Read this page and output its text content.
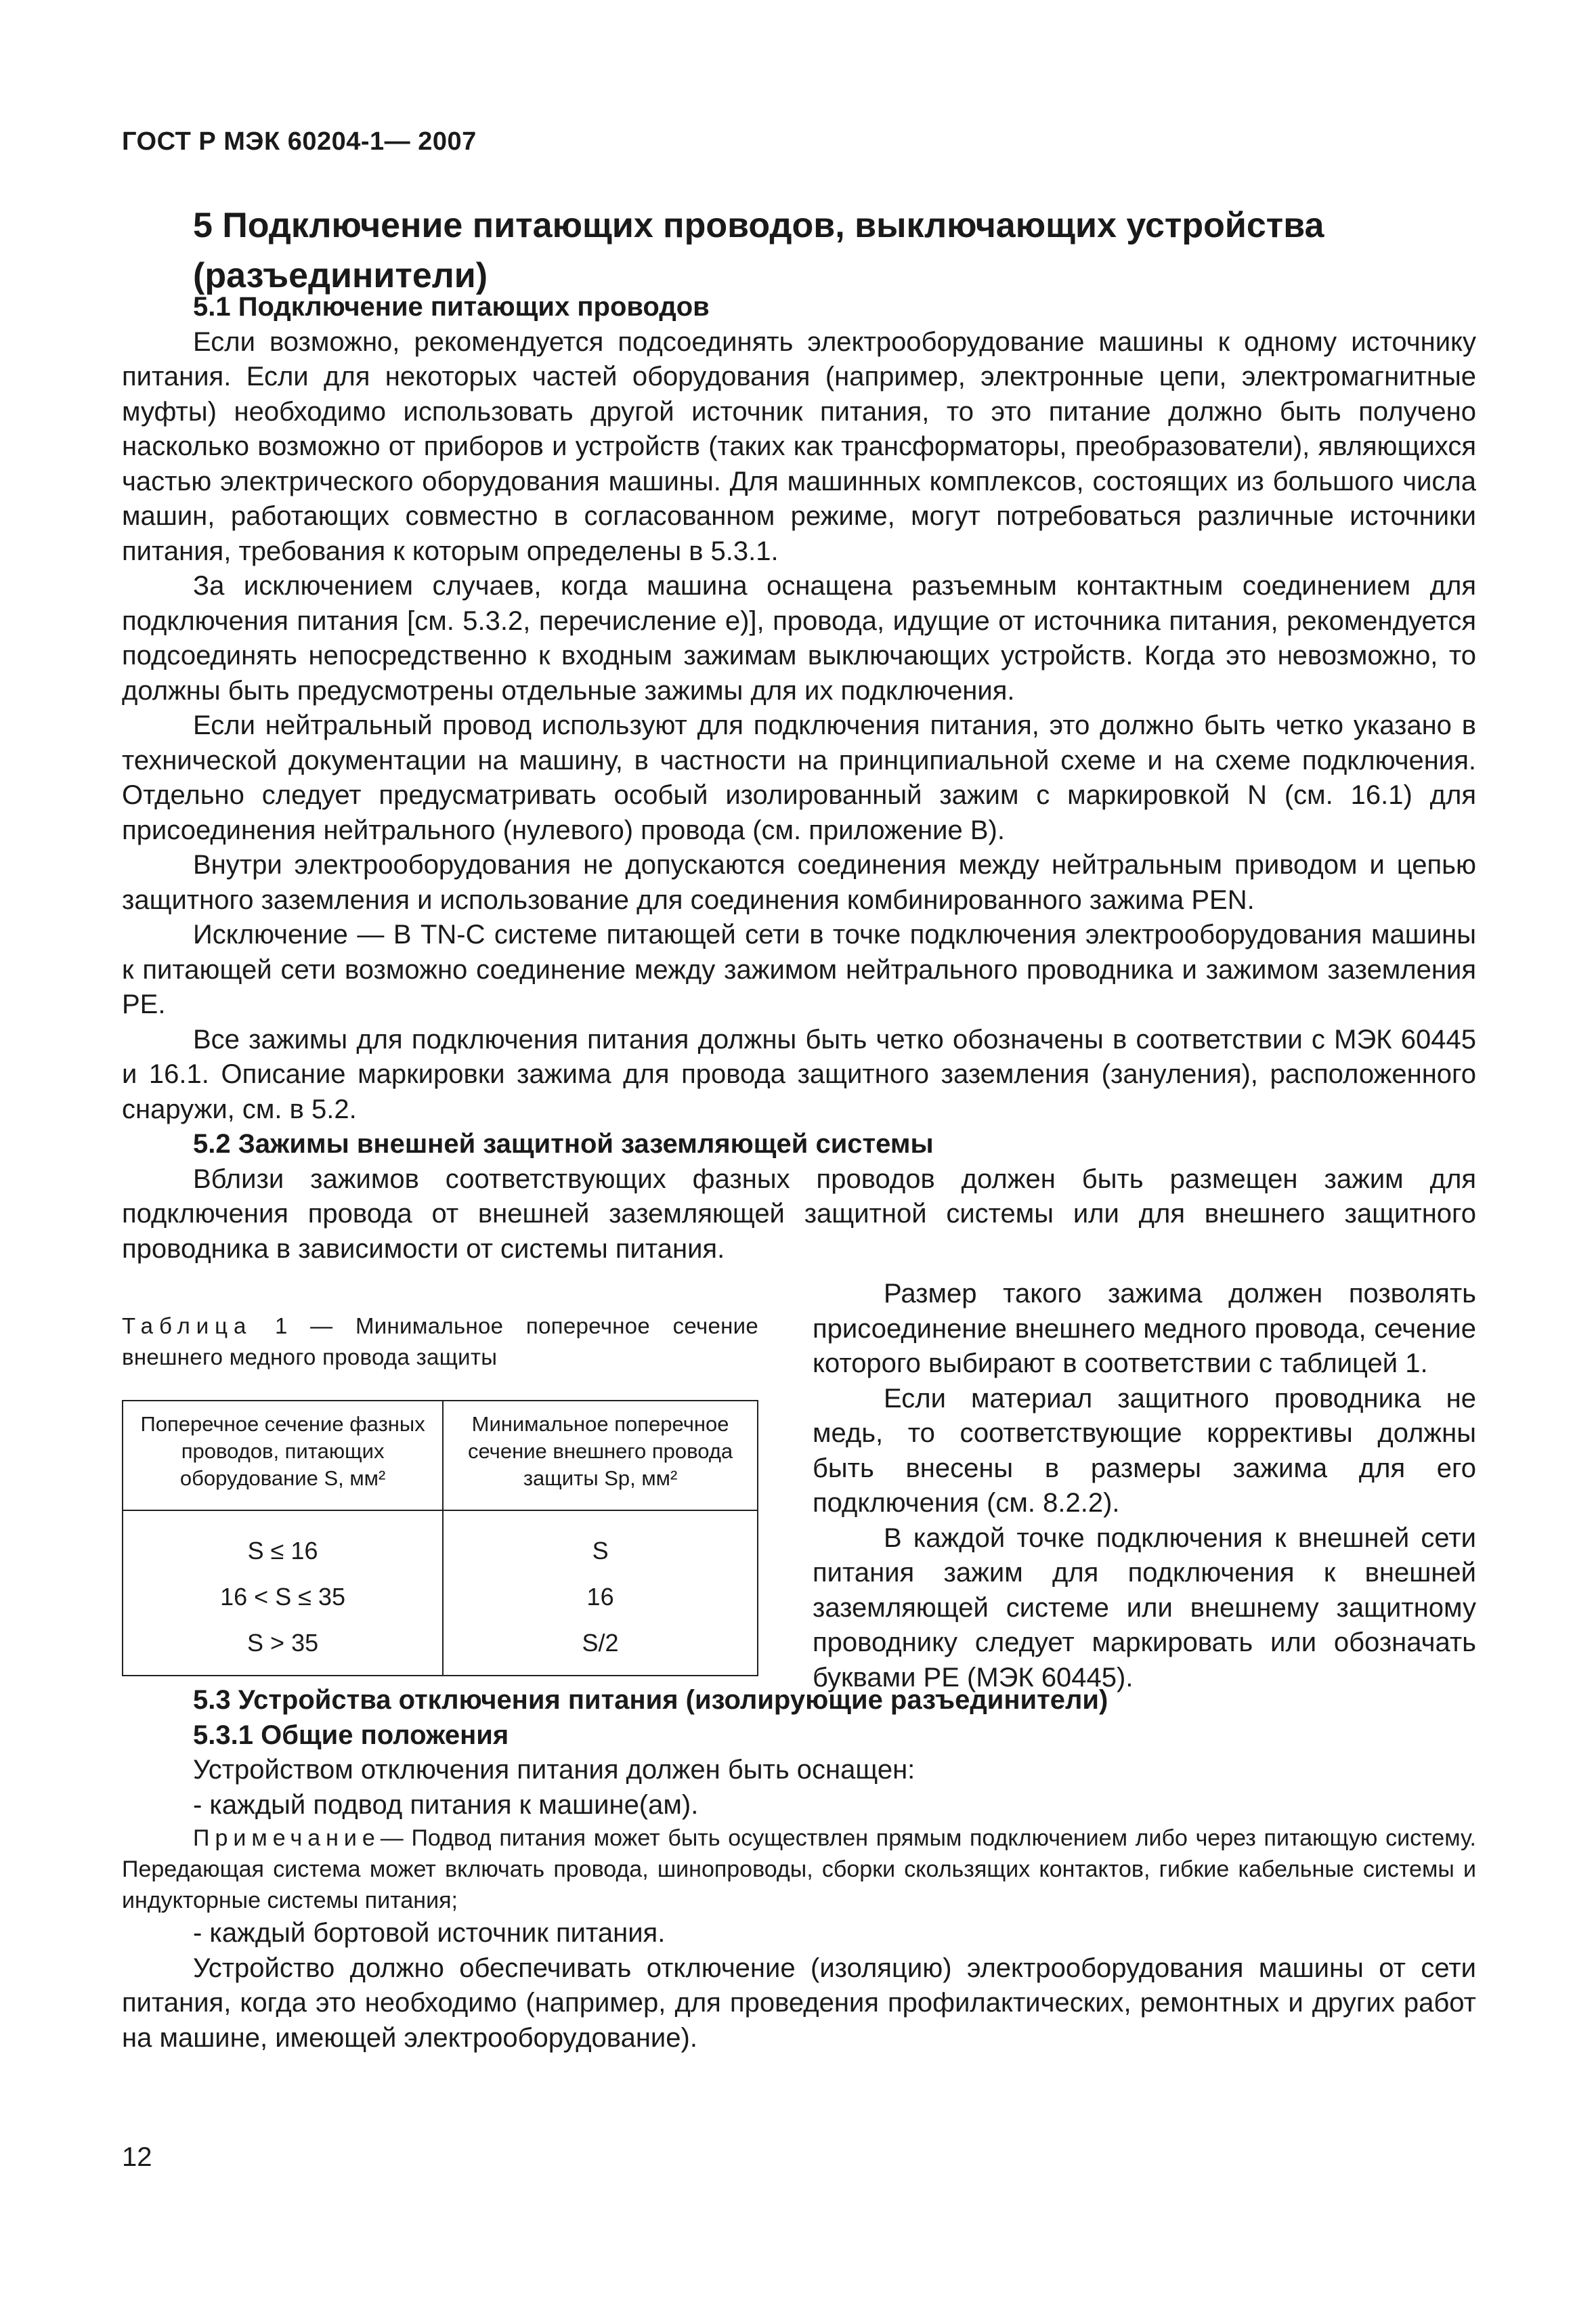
ГОСТ Р МЭК 60204-1— 2007
5 Подключение питающих проводов, выключающих устройства
(разъединители)

5.1 Подключение питающих проводов

Если возможно, рекомендуется подсоединять электрооборудование машины к одному источнику питания. Если для некоторых частей оборудования (например, электронные цепи, электромагнитные муфты) необходимо использовать другой источник питания, то это питание должно быть получено насколько возможно от приборов и устройств (таких как трансформаторы, преобразователи), являющихся частью электрического оборудования машины. Для машинных комплексов, состоящих из большого числа машин, работающих совместно в согласованном режиме, могут потребоваться различные источники питания, требования к которым определены в 5.3.1.

За исключением случаев, когда машина оснащена разъемным контактным соединением для подключения питания [см. 5.3.2, перечисление е)], провода, идущие от источника питания, рекомендуется подсоединять непосредственно к входным зажимам выключающих устройств. Когда это невозможно, то должны быть предусмотрены отдельные зажимы для их подключения.

Если нейтральный провод используют для подключения питания, это должно быть четко указано в технической документации на машину, в частности на принципиальной схеме и на схеме подключения. Отдельно следует предусматривать особый изолированный зажим с маркировкой N (см. 16.1) для присоединения нейтрального (нулевого) провода (см. приложение В).

Внутри электрооборудования не допускаются соединения между нейтральным приводом и цепью защитного заземления и использование для соединения комбинированного зажима PEN.

Исключение — В TN-C системе питающей сети в точке подключения электрооборудования машины к питающей сети возможно соединение между зажимом нейтрального проводника и зажимом заземления PE.

Все зажимы для подключения питания должны быть четко обозначены в соответствии с МЭК 60445 и 16.1. Описание маркировки зажима для провода защитного заземления (зануления), расположенного снаружи, см. в 5.2.

5.2 Зажимы внешней защитной заземляющей системы

Вблизи зажимов соответствующих фазных проводов должен быть размещен зажим для подключения провода от внешней заземляющей защитной системы или для внешнего защитного проводника в зависимости от системы питания.

Таблица 1 — Минимальное поперечное сечение внешнего медного провода защиты

Поперечное сечение фазных проводов, питающих оборудование S, мм²	Минимальное поперечное сечение внешнего провода защиты Sp, мм²
S ≤ 16	S
16 < S ≤ 35	16
S > 35	S/2

Размер такого зажима должен позволять присоединение внешнего медного провода, сечение которого выбирают в соответствии с таблицей 1.

Если материал защитного проводника не медь, то соответствующие коррективы должны быть внесены в размеры зажима для его подключения (см. 8.2.2).

В каждой точке подключения к внешней сети питания зажим для подключения к внешней заземляющей системе или внешнему защитному проводнику следует маркировать или обозначать буквами PE (МЭК 60445).

5.3 Устройства отключения питания (изолирующие разъединители)

5.3.1 Общие положения

Устройством отключения питания должен быть оснащен:

- каждый подвод питания к машине(ам).

Примечание— Подвод питания может быть осуществлен прямым подключением либо через питающую систему. Передающая система может включать провода, шинопроводы, сборки скользящих контактов, гибкие кабельные системы и индукторные системы питания;

- каждый бортовой источник питания.

Устройство должно обеспечивать отключение (изоляцию) электрооборудования машины от сети питания, когда это необходимо (например, для проведения профилактических, ремонтных и других работ на машине, имеющей электрооборудование).

12
